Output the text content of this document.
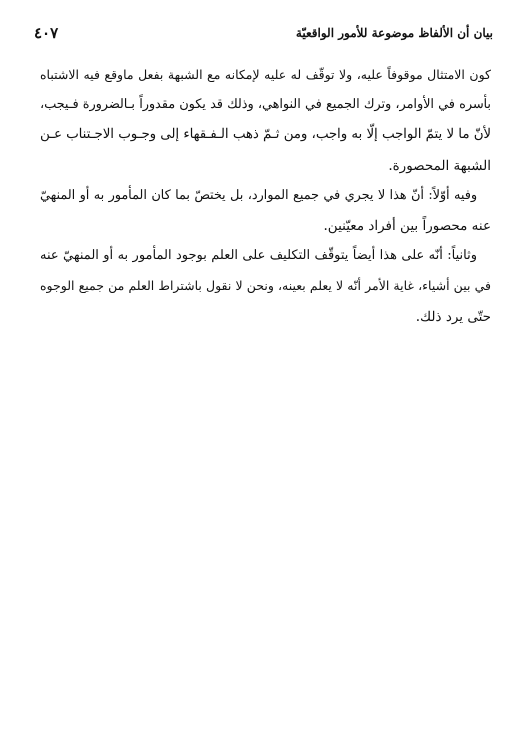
بيان أن الألفاظ موضوعة للأمور الواقعيّة
٤٠٧
كون الامتثال موقوفاً عليه، ولا توقّف له عليه لإمكانه مع الشبهة بفعل ماوقع فيه الاشتباه
بأسره في الأوامر، وترك الجميع في النواهي، وذلك قد يكون مقدوراً بـالضرورة فـيجب،
لأنّ ما لا يتمّ الواجب إلّا به واجب، ومن ثـمّ ذهب الـفـقهاء إلى وجـوب الاجـتناب عـن
الشبهة المحصورة.
وفيه أوّلاً: أنّ هذا لا يجري في جميع الموارد، بل يختصّ بما كان المأمور به أو المنهيّ
عنه محصوراً بين أفراد معيّنين.
وثانياً: أنّه على هذا أيضاً يتوقّف التكليف على العلم بوجود المأمور به أو المنهيّ عنه
في بين أشياء، غاية الأمر أنّه لا يعلم بعينه، ونحن لا نقول باشتراط العلم من جميع الوجوه
حتّى يرد ذلك.
